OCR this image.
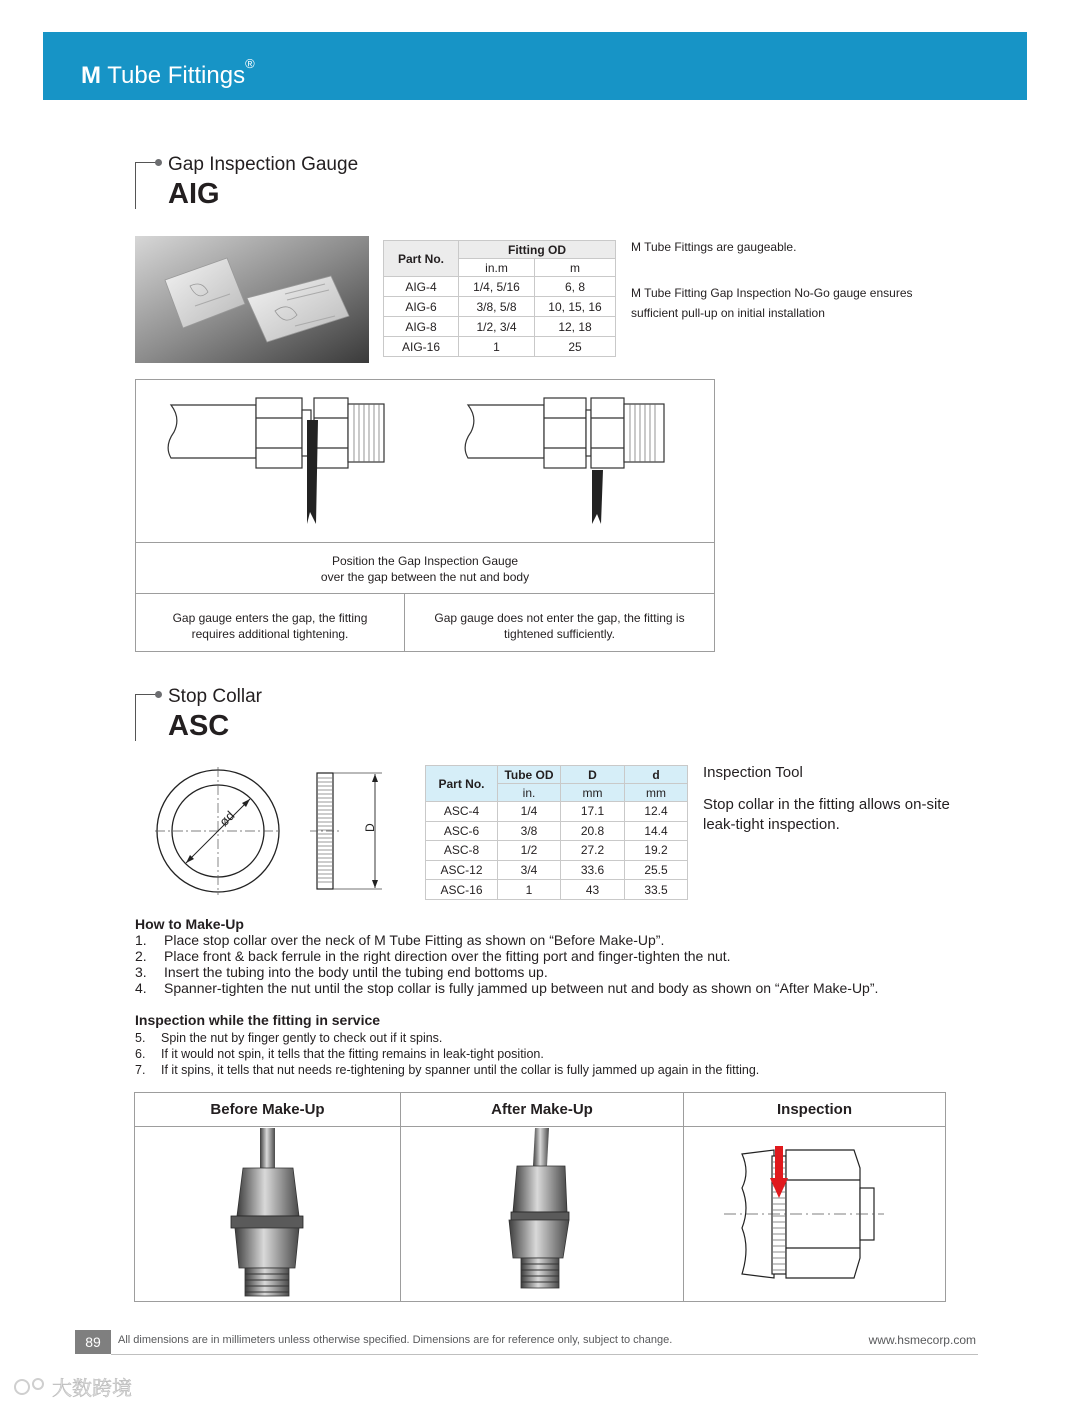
M Tube Fittings®
Gap Inspection Gauge
AIG
Part No.	Fitting OD	
	in.m	m
AIG-4	1/4, 5/16	6, 8
AIG-6	3/8, 5/8	10, 15, 16
AIG-8	1/2, 3/4	12, 18
AIG-16	1	25
M Tube Fittings are gaugeable.
M Tube Fitting Gap Inspection No-Go gauge ensures
sufficient pull-up on initial installation
Position the Gap Inspection Gauge
over the gap between the nut and body
Gap gauge enters the gap, the fitting
requires additional tightening.
Gap gauge does not enter the gap, the fitting is
tightened sufficiently.
Stop Collar
ASC
ød	D
Part No.	Tube OD	D	d
	in.	mm	mm
ASC-4	1/4	17.1	12.4
ASC-6	3/8	20.8	14.4
ASC-8	1/2	27.2	19.2
ASC-12	3/4	33.6	25.5
ASC-16	1	43	33.5
Inspection Tool
Stop collar in the fitting allows on-site
leak-tight inspection.
How to Make-Up
1. Place stop collar over the neck of M Tube Fitting as shown on “Before Make-Up”.
2. Place front & back ferrule in the right direction over the fitting port and finger-tighten the nut.
3. Insert the tubing into the body until the tubing end bottoms up.
4. Spanner-tighten the nut until the stop collar is fully jammed up between nut and body as shown on “After Make-Up”.
Inspection while the fitting in service
5. Spin the nut by finger gently to check out if it spins.
6. If it would not spin, it tells that the fitting remains in leak-tight position.
7. If it spins, it tells that nut needs re-tightening by spanner until the collar is fully jammed up again in the fitting.
Before Make-Up	After Make-Up	Inspection
89	All dimensions are in millimeters unless otherwise specified. Dimensions are for reference only, subject to change.	www.hsmecorp.com
大数跨境
